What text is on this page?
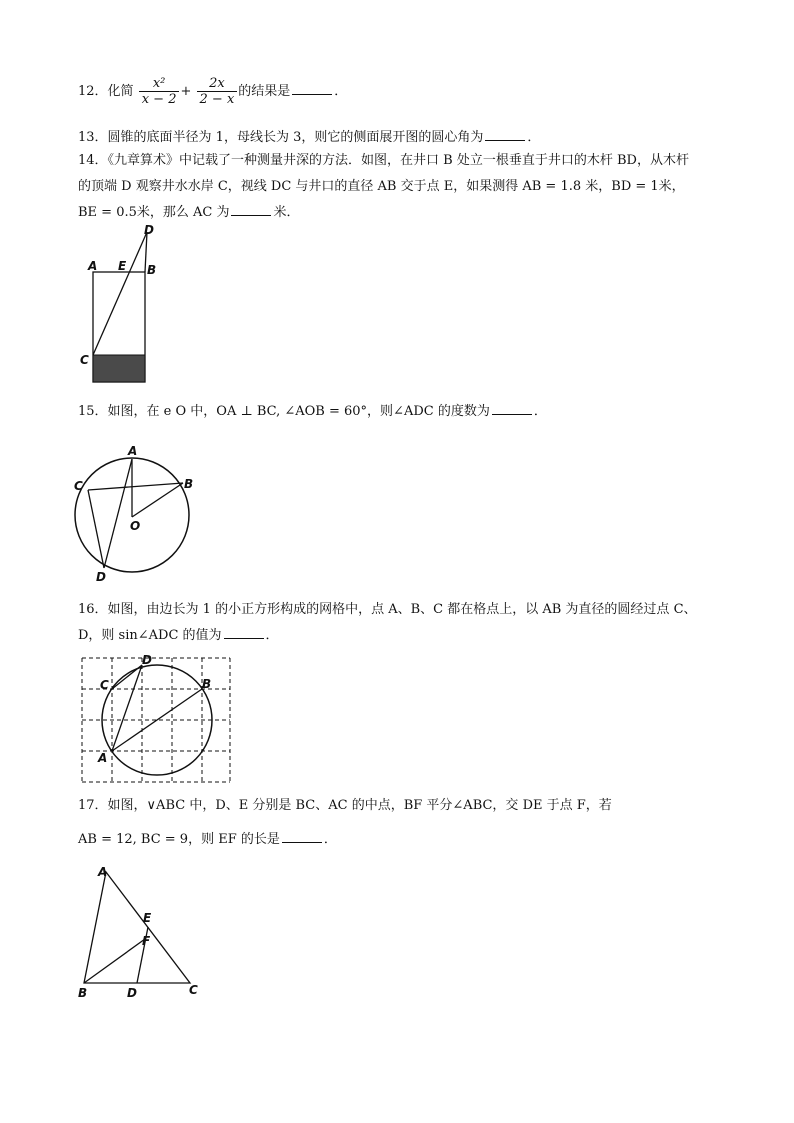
12．化简 $\frac{\text{x²}}{x - 2} + \frac{2x}{2 - x}$ 的结果是	．
13．圆锥的底面半径为 1，母线长为 3，则它的侧面展开图的圆心角为	．
14．《九章算术》中记载了一种测量井深的方法．如图，在井口 B 处立一根垂直于井口的木杆 BD，从木杆
的顶端 D 观察井水水岸 C，视线 DC 与井口的直径 AB 交于点 E，如果测得 AB = 1.8 米，BD = 1米，
BE = 0.5米，那么 AC 为	米．
A E B
D
C
15．如图，在 e O 中，OA ⊥ BC, ∠AOB = 60°，则∠ADC 的度数为	．
A
B
C
O
D
16．如图，由边长为 1 的小正方形构成的网格中，点 A、B、C 都在格点上，以 AB 为直径的圆经过点 C、
D，则 sin∠ADC 的值为	．
A
B
C
D
17．如图，∨ABC 中，D、E 分别是 BC、AC 的中点，BF 平分∠ABC，交 DE 于点 F，若
AB = 12, BC = 9，则 EF 的长是	．
A
B	C
D
E
F
